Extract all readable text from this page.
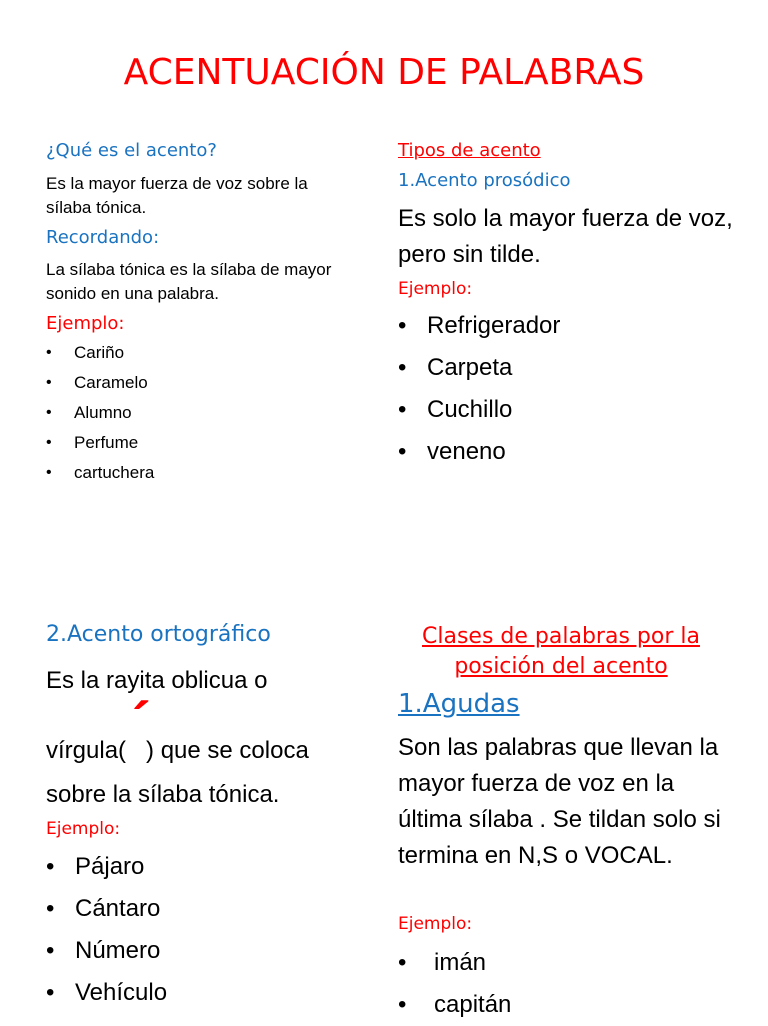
ACENTUACIÓN DE PALABRAS
¿Qué es el acento?
Es la mayor fuerza de voz sobre la sílaba tónica.
Recordando:
La sílaba tónica es la sílaba de mayor sonido en una palabra.
Ejemplo:
• Cariño
• Caramelo
• Alumno
• Perfume
• cartuchera
Tipos de acento
1.Acento prosódico
Es solo la mayor fuerza de voz, pero sin tilde.
Ejemplo:
• Refrigerador
• Carpeta
• Cuchillo
• veneno
2.Acento ortográfico
Es la rayita oblicua o
´
vírgula(   ) que se coloca
sobre la sílaba tónica.
Ejemplo:
• Pájaro
• Cántaro
• Número
• Vehículo
Clases de palabras por la posición del acento
1.Agudas
Son las palabras que llevan la mayor fuerza de voz en la última sílaba . Se tildan solo si termina en N,S o VOCAL.
Ejemplo:
• imán
• capitán
